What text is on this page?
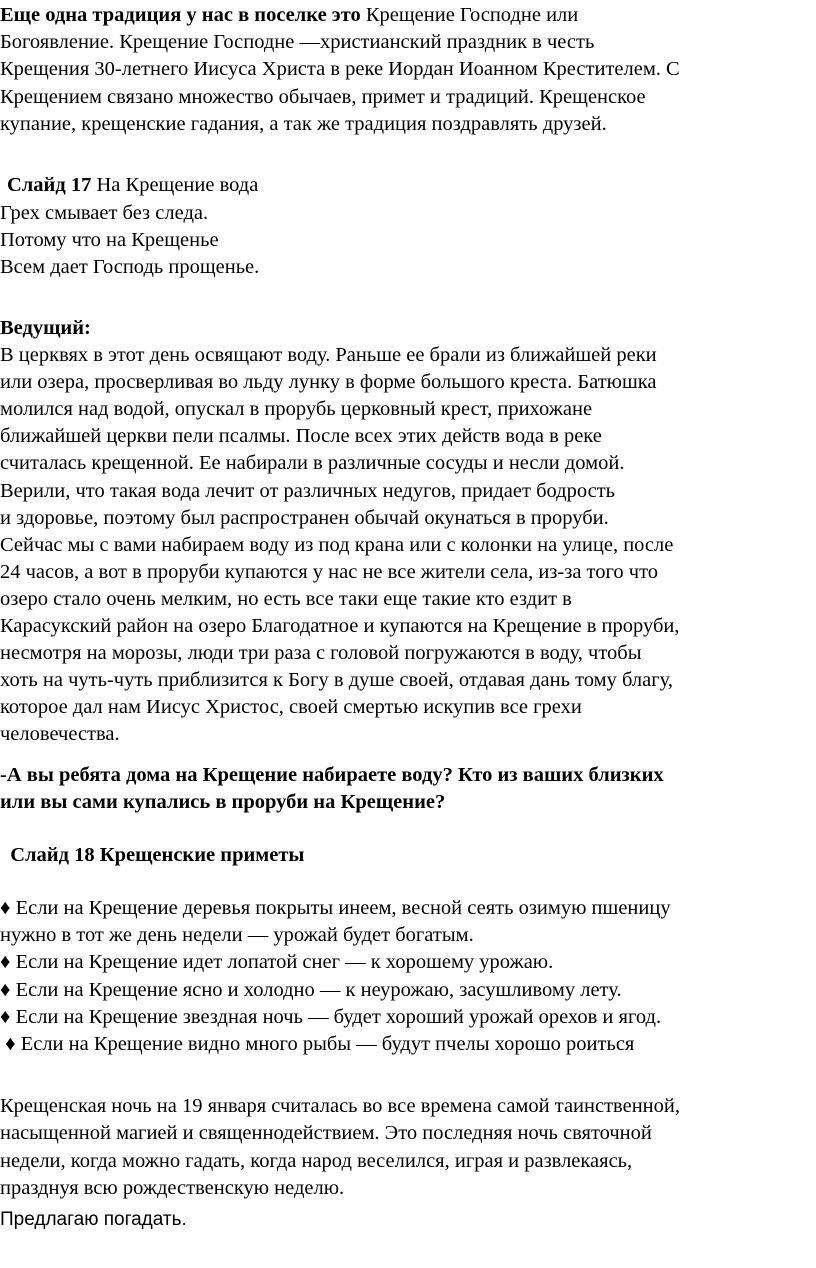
Еще одна традиция у нас в поселке это Крещение Господне или
Богоявление. Крещение Господне —христианский праздник в честь
Крещения 30-летнего Иисуса Христа в реке Иордан Иоанном Крестителем. С
Крещением связано множество обычаев, примет и традиций. Крещенское
купание, крещенские гадания, а так же традиция поздравлять друзей.
Слайд 17 На Крещение вода
Грех смывает без следа.
Потому что на Крещенье
Всем дает Господь прощенье.
Ведущий:
В церквях в этот день освящают воду. Раньше ее брали из ближайшей реки
или озера, просверливая во льду лунку в форме большого креста. Батюшка
молился над водой, опускал в прорубь церковный крест, прихожане
ближайшей церкви пели псалмы. После всех этих действ вода в реке
считалась крещенной. Ее набирали в различные сосуды и несли домой.
Верили, что такая вода лечит от различных недугов, придает бодрость
и здоровье, поэтому был распространен обычай окунаться в проруби.
Сейчас мы с вами набираем воду из под крана или с колонки на улице, после
24 часов, а вот в проруби купаются у нас не все жители села, из-за того что
озеро стало очень мелким, но есть все таки еще такие кто ездит в
Карасукский район на озеро Благодатное и купаются на Крещение в проруби,
несмотря на морозы, люди три раза с головой погружаются в воду, чтобы
хоть на чуть-чуть приблизится к Богу в душе своей, отдавая дань тому благу,
которое дал нам Иисус Христос, своей смертью искупив все грехи
человечества.
-А вы ребята дома на Крещение набираете воду? Кто из ваших близких
или вы сами купались в проруби на Крещение?
Слайд 18 Крещенские приметы
♦ Если на Крещение деревья покрыты инеем, весной сеять озимую пшеницу
нужно в тот же день недели — урожай будет богатым.
♦ Если на Крещение идет лопатой снег — к хорошему урожаю.
♦ Если на Крещение ясно и холодно — к неурожаю, засушливому лету.
♦ Если на Крещение звездная ночь — будет хороший урожай орехов и ягод.
♦ Если на Крещение видно много рыбы — будут пчелы хорошо роиться
Крещенская ночь на 19 января считалась во все времена самой таинственной,
насыщенной магией и священнодействием. Это последняя ночь святочной
недели, когда можно гадать, когда народ веселился, играя и развлекаясь,
празднуя всю рождественскую неделю.
Предлагаю погадать.
